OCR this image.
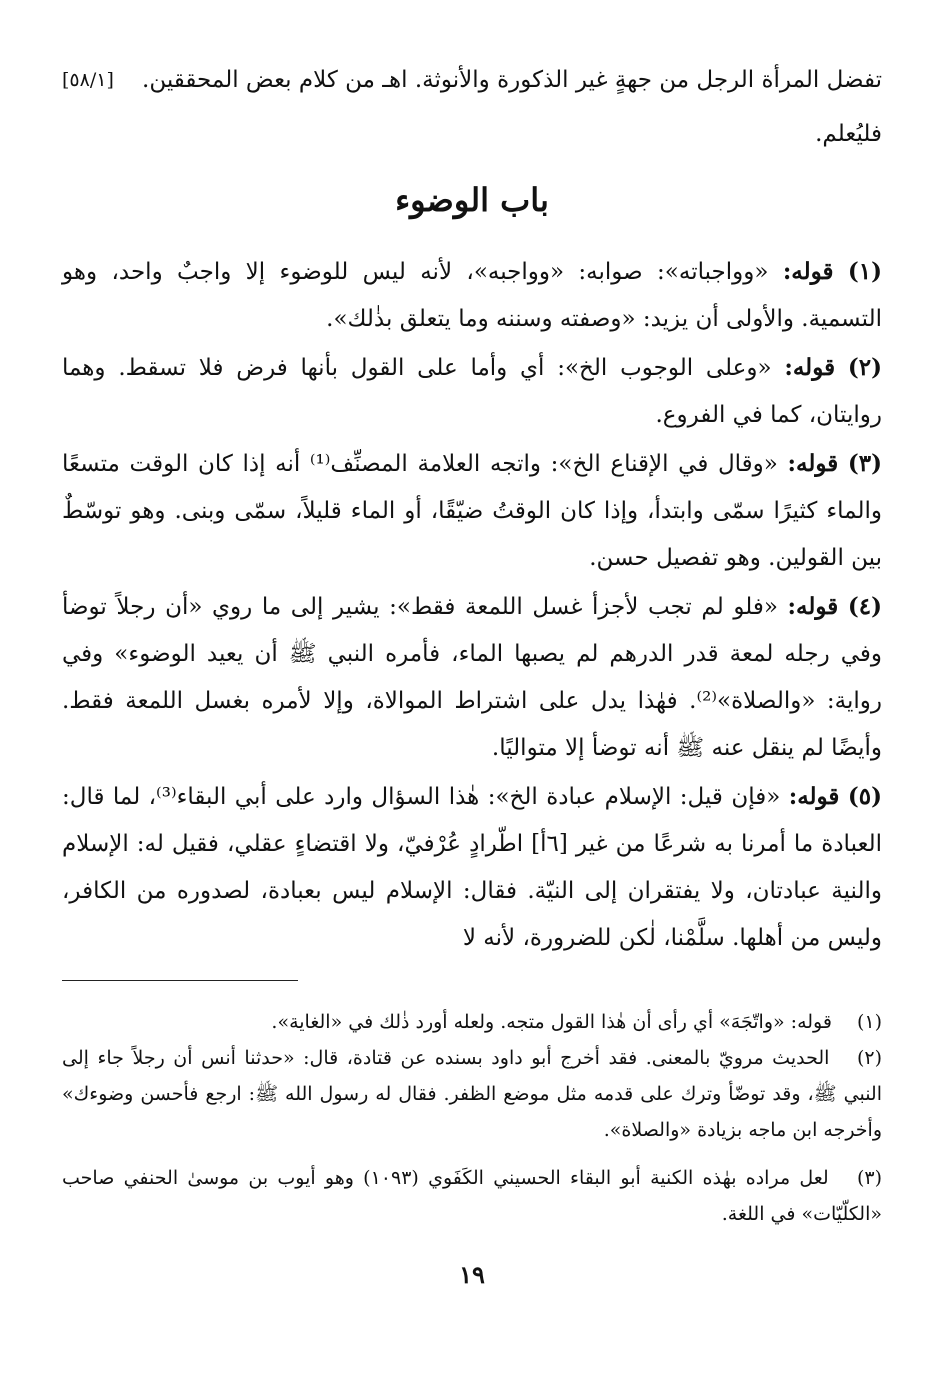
تفضل المرأة الرجل من جهةٍ غير الذكورة والأنوثة. اهـ من كلام بعض المحققين.
[٥٨/١]
فليُعلم.
باب الوضوء
(١) قوله: «وواجباته»: صوابه: «وواجبه»، لأنه ليس للوضوء إلا واجبٌ واحد، وهو التسمية. والأولى أن يزيد: «وصفته وسننه وما يتعلق بذٰلك».
(٢) قوله: «وعلى الوجوب الخ»: أي وأما على القول بأنها فرض فلا تسقط. وهما روايتان، كما في الفروع.
(٣) قوله: «وقال في الإقناع الخ»: واتجه العلامة المصنِّف⁽¹⁾ أنه إذا كان الوقت متسعًا والماء كثيرًا سمّى وابتدأ، وإذا كان الوقتُ ضيّقًا، أو الماء قليلاً، سمّى وبنى. وهو توسّطٌ بين القولين. وهو تفصيل حسن.
(٤) قوله: «فلو لم تجب لأجزأ غسل اللمعة فقط»: يشير إلى ما روي «أن رجلاً توضأ وفي رجله لمعة قدر الدرهم لم يصبها الماء، فأمره النبي ﷺ أن يعيد الوضوء» وفي رواية: «والصلاة»⁽²⁾. فهٰذا يدل على اشتراط الموالاة، وإلا لأمره بغسل اللمعة فقط. وأيضًا لم ينقل عنه ﷺ أنه توضأ إلا متواليًا.
(٥) قوله: «فإن قيل: الإسلام عبادة الخ»: هٰذا السؤال وارد على أبي البقاء⁽³⁾، لما قال: العبادة ما أمرنا به شرعًا من غير [٦أ] اطّرادٍ عُرْفيّ، ولا اقتضاءٍ عقلي، فقيل له: الإسلام والنية عبادتان، ولا يفتقران إلى النيّة. فقال: الإسلام ليس بعبادة، لصدوره من الكافر، وليس من أهلها. سلَّمْنا، لٰكن للضرورة، لأنه لا
(١) قوله: «واتّجَهَ» أي رأى أن هٰذا القول متجه. ولعله أورد ذٰلك في «الغاية».
(٢) الحديث مرويّ بالمعنى. فقد أخرج أبو داود بسنده عن قتادة، قال: «حدثنا أنس أن رجلاً جاء إلى النبي ﷺ، وقد توضّأ وترك على قدمه مثل موضع الظفر. فقال له رسول الله ﷺ: ارجع فأحسن وضوءك» وأخرجه ابن ماجه بزيادة «والصلاة».
(٣) لعل مراده بهٰذه الكنية أبو البقاء الحسيني الكَفَوي (١٠٩٣) وهو أيوب بن موسىٰ الحنفي صاحب «الكلّيّات» في اللغة.
١٩
